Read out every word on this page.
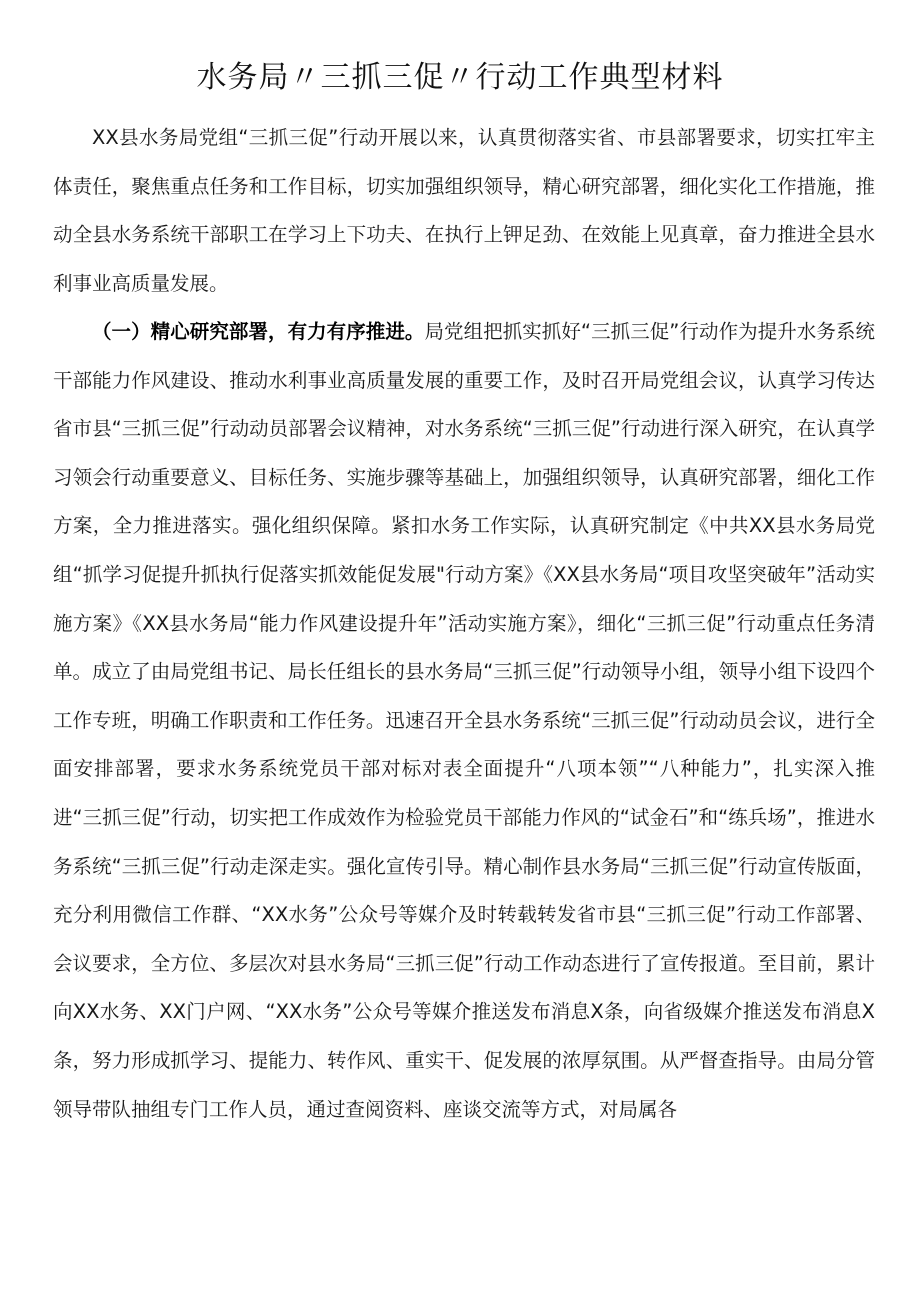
水务局〃三抓三促〃行动工作典型材料

XX县水务局党组“三抓三促”行动开展以来，认真贯彻落实省、市县部署要求，切实扛牢主体责任，聚焦重点任务和工作目标，切实加强组织领导，精心研究部署，细化实化工作措施，推动全县水务系统干部职工在学习上下功夫、在执行上钾足劲、在效能上见真章，奋力推进全县水利事业高质量发展。

（一）精心研究部署，有力有序推进。局党组把抓实抓好“三抓三促”行动作为提升水务系统干部能力作风建设、推动水利事业高质量发展的重要工作，及时召开局党组会议，认真学习传达省市县“三抓三促”行动动员部署会议精神，对水务系统“三抓三促”行动进行深入研究，在认真学习领会行动重要意义、目标任务、实施步骤等基础上，加强组织领导，认真研究部署，细化工作方案，全力推进落实。强化组织保障。紧扣水务工作实际，认真研究制定《中共XX县水务局党组“抓学习促提升抓执行促落实抓效能促发展"行动方案》《XX县水务局“项目攻坚突破年”活动实施方案》《XX县水务局“能力作风建设提升年”活动实施方案》，细化“三抓三促”行动重点任务清单。成立了由局党组书记、局长任组长的县水务局“三抓三促”行动领导小组，领导小组下设四个工作专班，明确工作职责和工作任务。迅速召开全县水务系统“三抓三促”行动动员会议，进行全面安排部署，要求水务系统党员干部对标对表全面提升“八项本领”“八种能力”，扎实深入推进“三抓三促”行动，切实把工作成效作为检验党员干部能力作风的“试金石”和“练兵场”，推进水务系统“三抓三促”行动走深走实。强化宣传引导。精心制作县水务局“三抓三促”行动宣传版面，充分利用微信工作群、“XX水务”公众号等媒介及时转载转发省市县“三抓三促”行动工作部署、会议要求，全方位、多层次对县水务局“三抓三促”行动工作动态进行了宣传报道。至目前，累计向XX水务、XX门户网、“XX水务”公众号等媒介推送发布消息X条，向省级媒介推送发布消息X条，努力形成抓学习、提能力、转作风、重实干、促发展的浓厚氛围。从严督查指导。由局分管领导带队抽组专门工作人员，通过查阅资料、座谈交流等方式，对局属各
